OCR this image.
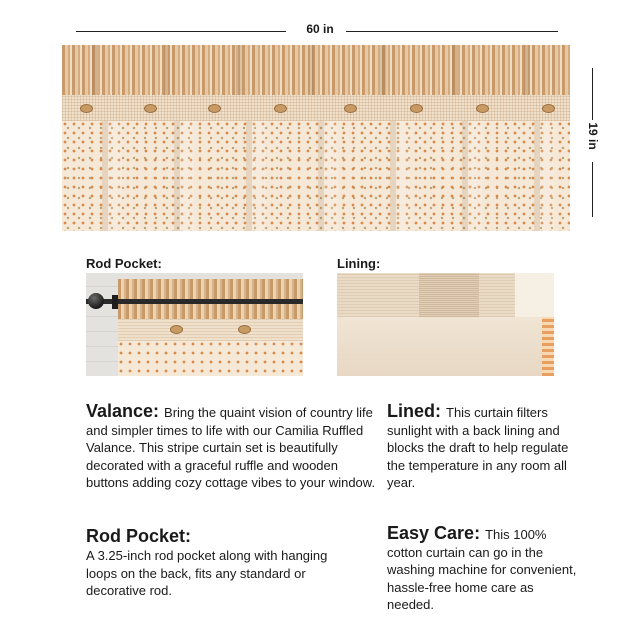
60 in
19 in
Rod Pocket:	Lining:
Valance: Bring the quaint vision of country life and simpler times to life with our Camilia Ruffled Valance. This stripe curtain set is beautifully decorated with a graceful ruffle and wooden buttons adding cozy cottage vibes to your window.
Lined: This curtain filters sunlight with a back lining and blocks the draft to help regulate the temperature in any room all year.
Rod Pocket:
A 3.25-inch rod pocket along with hanging loops on the back, fits any standard or decorative rod.
Easy Care: This 100% cotton curtain can go in the washing machine for convenient, hassle-free home care as needed.
